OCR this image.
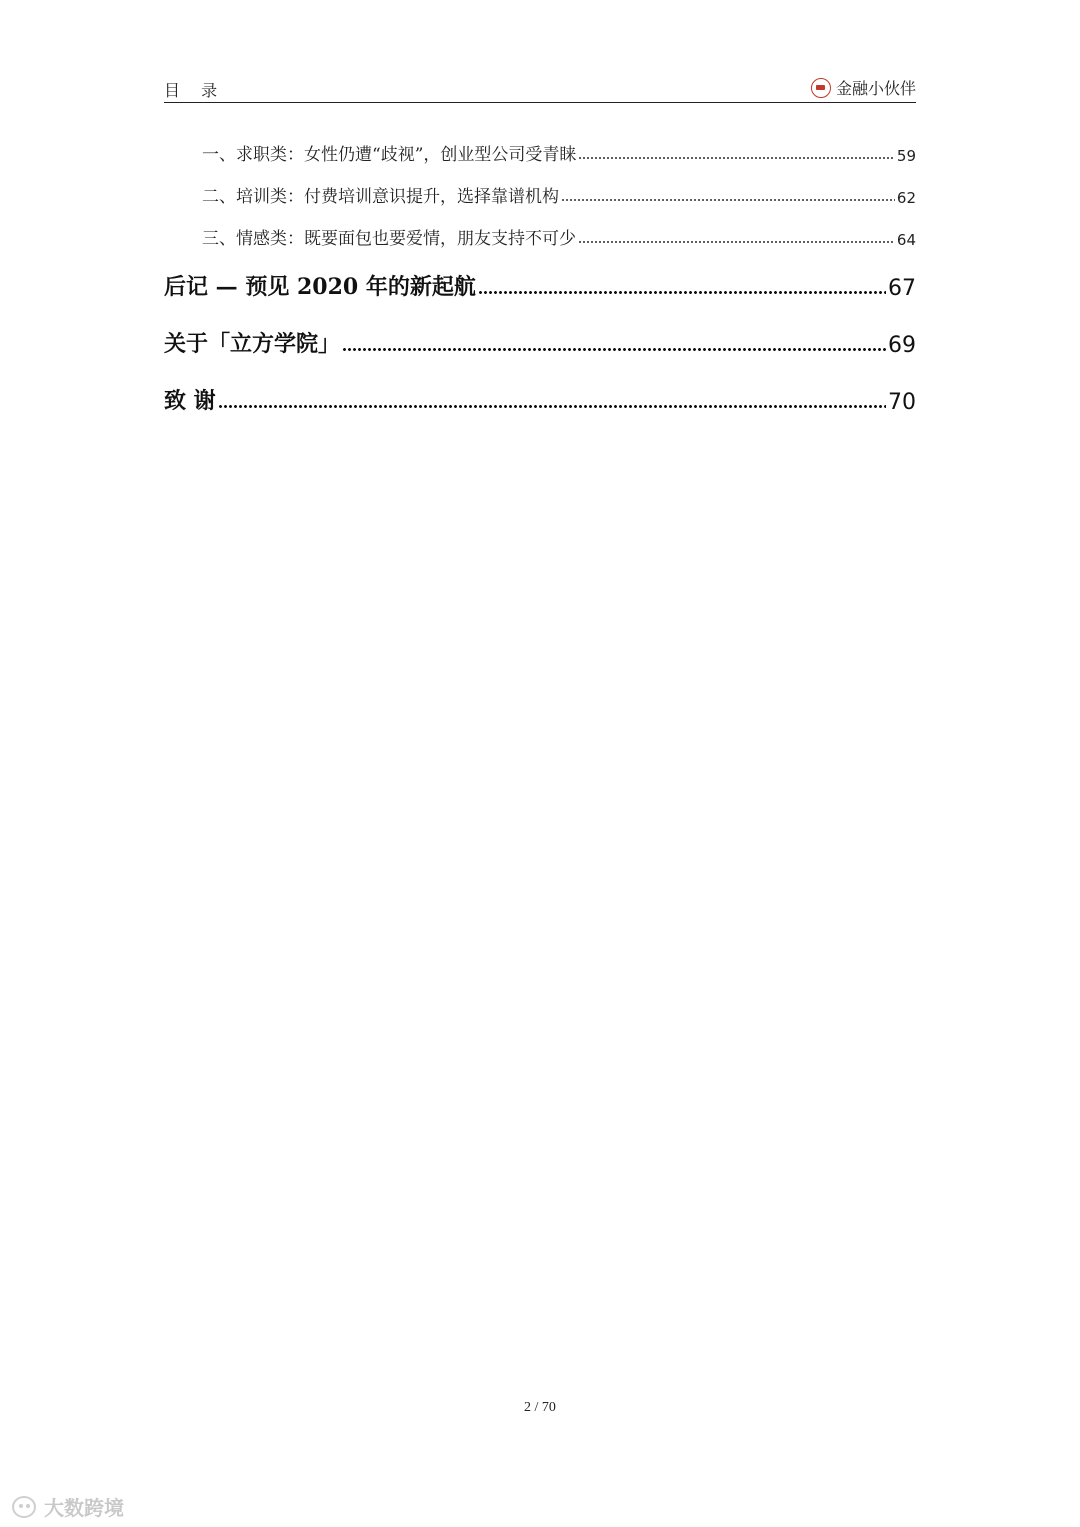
目 录	金融小伙伴
一、求职类：女性仍遭“歧视”，创业型公司受青睐	59
二、培训类：付费培训意识提升，选择靠谱机构	62
三、情感类：既要面包也要爱情，朋友支持不可少	64
后记 — 预见 2020 年的新起航	67
关于「立方学院」	69
致 谢	70
2 / 70
大数跨境
